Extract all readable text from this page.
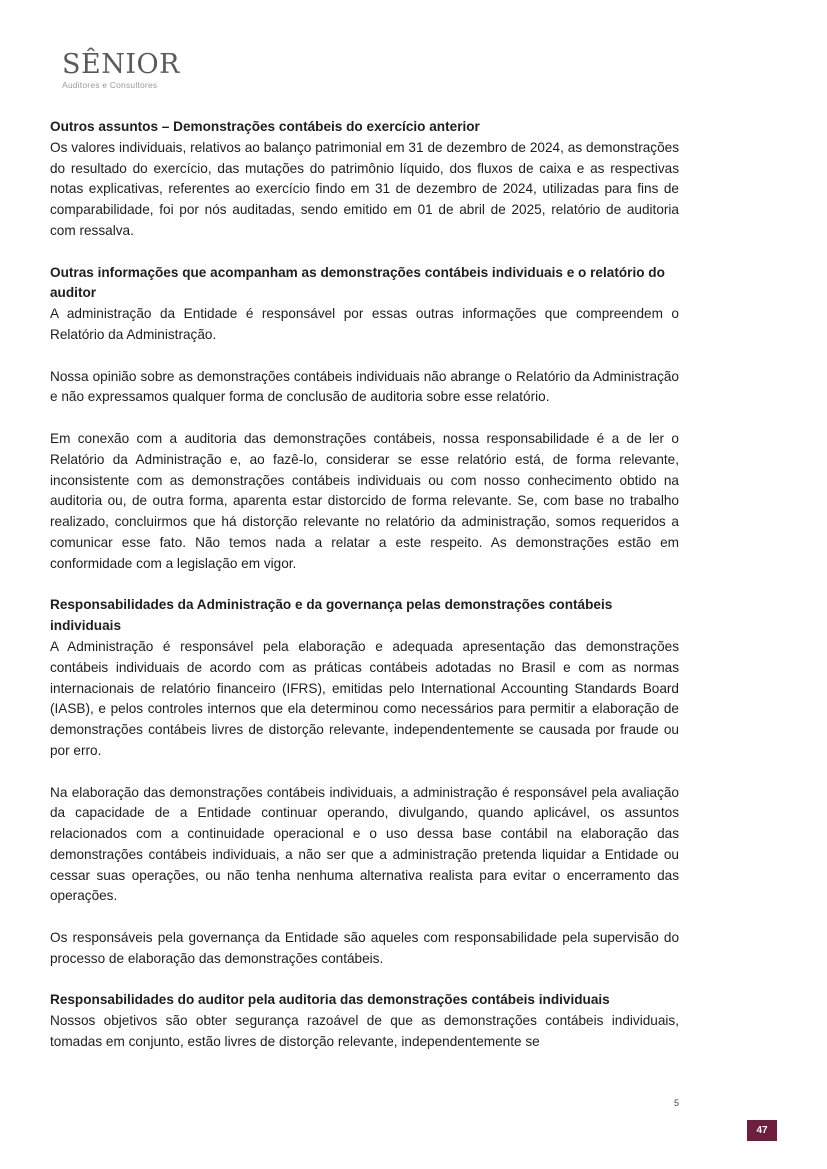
SÊNIOR
Auditores e Consultores

Outros assuntos – Demonstrações contábeis do exercício anterior

Os valores individuais, relativos ao balanço patrimonial em 31 de dezembro de 2024, as demonstrações do resultado do exercício, das mutações do patrimônio líquido, dos fluxos de caixa e as respectivas notas explicativas, referentes ao exercício findo em 31 de dezembro de 2024, utilizadas para fins de comparabilidade, foi por nós auditadas, sendo emitido em 01 de abril de 2025, relatório de auditoria com ressalva.

Outras informações que acompanham as demonstrações contábeis individuais e o relatório do auditor

A administração da Entidade é responsável por essas outras informações que compreendem o Relatório da Administração.

Nossa opinião sobre as demonstrações contábeis individuais não abrange o Relatório da Administração e não expressamos qualquer forma de conclusão de auditoria sobre esse relatório.

Em conexão com a auditoria das demonstrações contábeis, nossa responsabilidade é a de ler o Relatório da Administração e, ao fazê-lo, considerar se esse relatório está, de forma relevante, inconsistente com as demonstrações contábeis individuais ou com nosso conhecimento obtido na auditoria ou, de outra forma, aparenta estar distorcido de forma relevante. Se, com base no trabalho realizado, concluirmos que há distorção relevante no relatório da administração, somos requeridos a comunicar esse fato. Não temos nada a relatar a este respeito. As demonstrações estão em conformidade com a legislação em vigor.

Responsabilidades da Administração e da governança pelas demonstrações contábeis individuais

A Administração é responsável pela elaboração e adequada apresentação das demonstrações contábeis individuais de acordo com as práticas contábeis adotadas no Brasil e com as normas internacionais de relatório financeiro (IFRS), emitidas pelo International Accounting Standards Board (IASB), e pelos controles internos que ela determinou como necessários para permitir a elaboração de demonstrações contábeis livres de distorção relevante, independentemente se causada por fraude ou por erro.

Na elaboração das demonstrações contábeis individuais, a administração é responsável pela avaliação da capacidade de a Entidade continuar operando, divulgando, quando aplicável, os assuntos relacionados com a continuidade operacional e o uso dessa base contábil na elaboração das demonstrações contábeis individuais, a não ser que a administração pretenda liquidar a Entidade ou cessar suas operações, ou não tenha nenhuma alternativa realista para evitar o encerramento das operações.

Os responsáveis pela governança da Entidade são aqueles com responsabilidade pela supervisão do processo de elaboração das demonstrações contábeis.

Responsabilidades do auditor pela auditoria das demonstrações contábeis individuais

Nossos objetivos são obter segurança razoável de que as demonstrações contábeis individuais, tomadas em conjunto, estão livres de distorção relevante, independentemente se

5
47
